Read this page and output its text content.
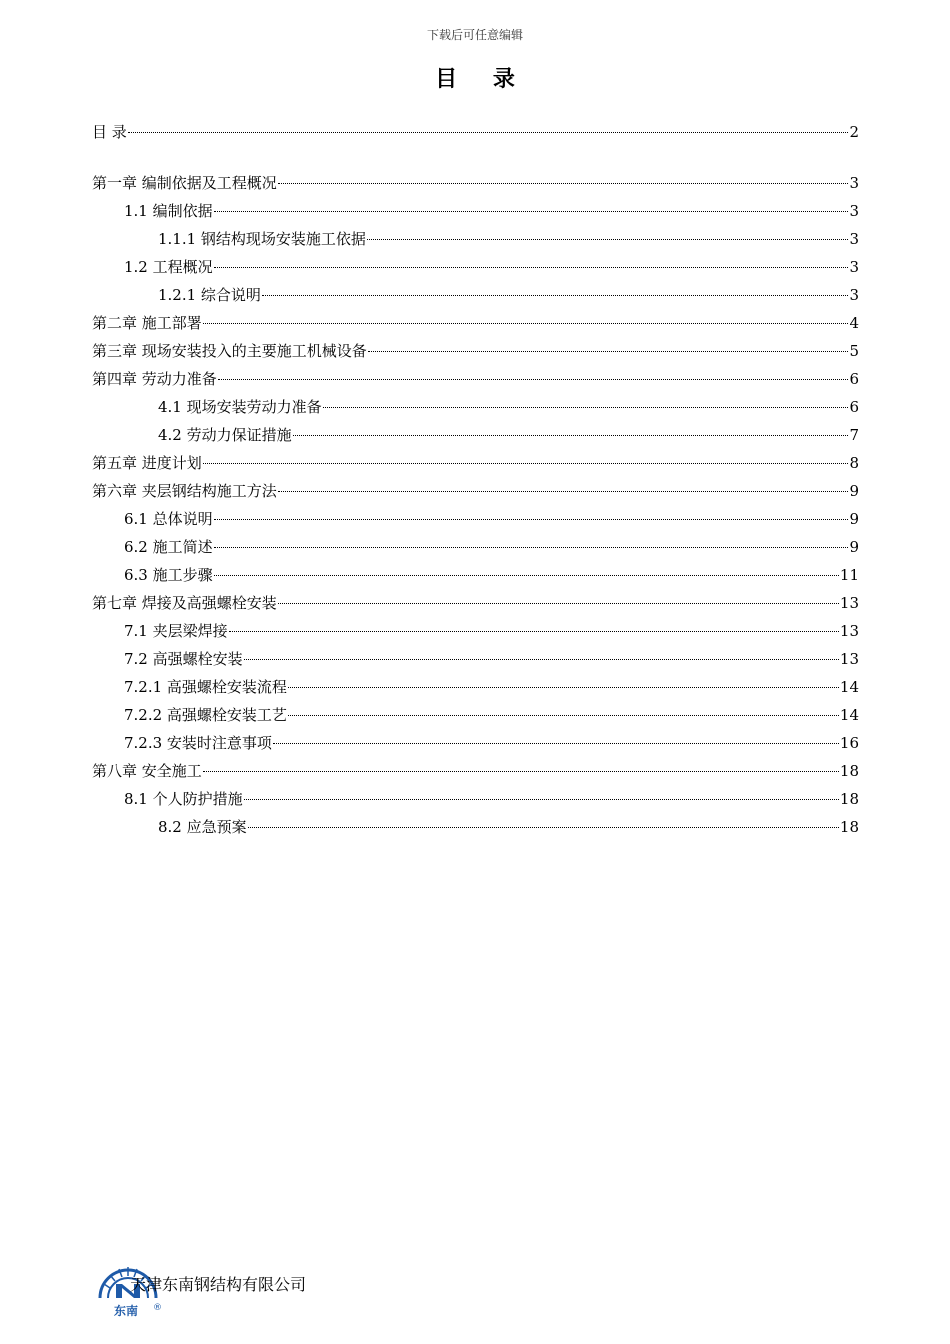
下载后可任意编辑
目 录
目 录	2
第一章 编制依据及工程概况	3
1.1 编制依据	3
1.1.1 钢结构现场安装施工依据	3
1.2 工程概况	3
1.2.1 综合说明	3
第二章 施工部署	4
第三章 现场安装投入的主要施工机械设备	5
第四章 劳动力准备	6
4.1 现场安装劳动力准备	6
4.2 劳动力保证措施	7
第五章 进度计划	8
第六章 夹层钢结构施工方法	9
6.1 总体说明	9
6.2 施工简述	9
6.3 施工步骤	11
第七章 焊接及高强螺栓安装	13
7.1 夹层梁焊接	13
7.2 高强螺栓安装	13
7.2.1 高强螺栓安装流程	14
7.2.2 高强螺栓安装工艺	14
7.2.3 安装时注意事项	16
第八章 安全施工	18
8.1 个人防护措施	18
8.2 应急预案	18
东南 ®
天津东南钢结构有限公司
